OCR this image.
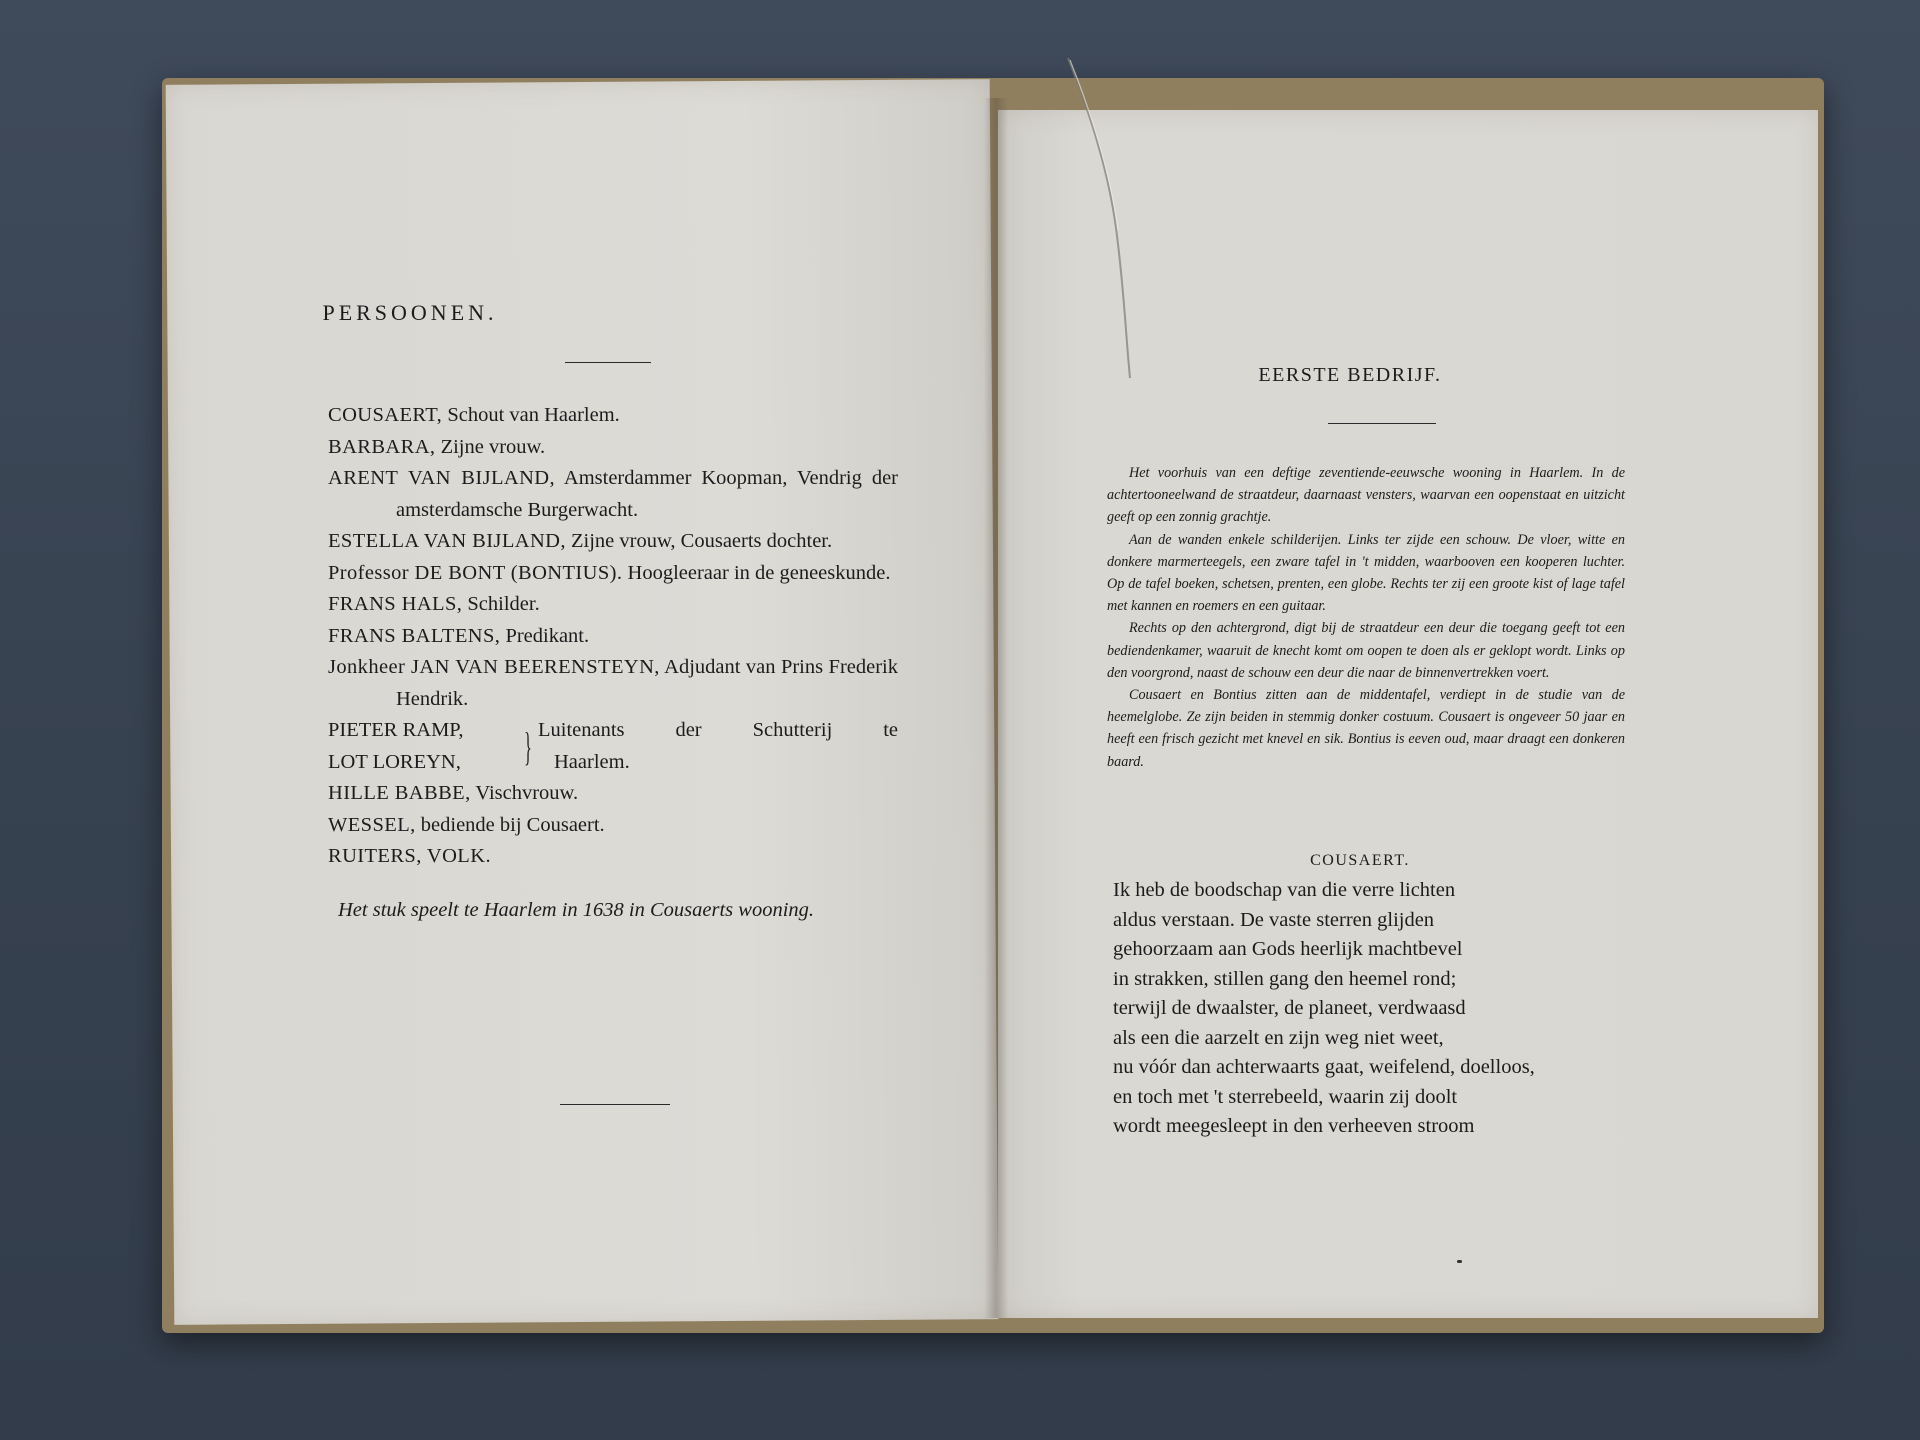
PERSOONEN.
COUSAERT, Schout van Haarlem.
BARBARA, Zijne vrouw.
ARENT VAN BIJLAND, Amsterdammer Koopman, Vendrig der amsterdamsche Burgerwacht.
ESTELLA VAN BIJLAND, Zijne vrouw, Cousaerts dochter.
Professor DE BONT (BONTIUS). Hoogleeraar in de geneeskunde.
FRANS HALS, Schilder.
FRANS BALTENS, Predikant.
Jonkheer JAN VAN BEERENSTEYN, Adjudant van Prins Frederik Hendrik.
PIETER RAMP,
LOT LOREYN,	} Luitenants der Schutterij te
Haarlem.
HILLE BABBE, Vischvrouw.
WESSEL, bediende bij Cousaert.
RUITERS, VOLK.
Het stuk speelt te Haarlem in 1638 in Cousaerts wooning.
EERSTE BEDRIJF.

Het voorhuis van een deftige zeventiende-eeuwsche wooning in Haarlem. In de achtertooneelwand de straatdeur, daarnaast vensters, waarvan een oopenstaat en uitzicht geeft op een zonnig grachtje.

Aan de wanden enkele schilderijen. Links ter zijde een schouw. De vloer, witte en donkere marmerteegels, een zware tafel in 't midden, waarbooven een kooperen luchter. Op de tafel boeken, schetsen, prenten, een globe. Rechts ter zij een groote kist of lage tafel met kannen en roemers en een guitaar.

Rechts op den achtergrond, digt bij de straatdeur een deur die toegang geeft tot een bediendenkamer, waaruit de knecht komt om oopen te doen als er geklopt wordt. Links op den voorgrond, naast de schouw een deur die naar de binnenvertrekken voert.

Cousaert en Bontius zitten aan de middentafel, verdiept in de studie van de heemelglobe. Ze zijn beiden in stemmig donker costuum. Cousaert is ongeveer 50 jaar en heeft een frisch gezicht met knevel en sik. Bontius is eeven oud, maar draagt een donkeren baard.

COUSAERT.
Ik heb de boodschap van die verre lichten
aldus verstaan. De vaste sterren glijden
gehoorzaam aan Gods heerlijk machtbevel
in strakken, stillen gang den heemel rond;
terwijl de dwaalster, de planeet, verdwaasd
als een die aarzelt en zijn weg niet weet,
nu vóór dan achterwaarts gaat, weifelend, doelloos,
en toch met 't sterrebeeld, waarin zij doolt
wordt meegesleept in den verheeven stroom
